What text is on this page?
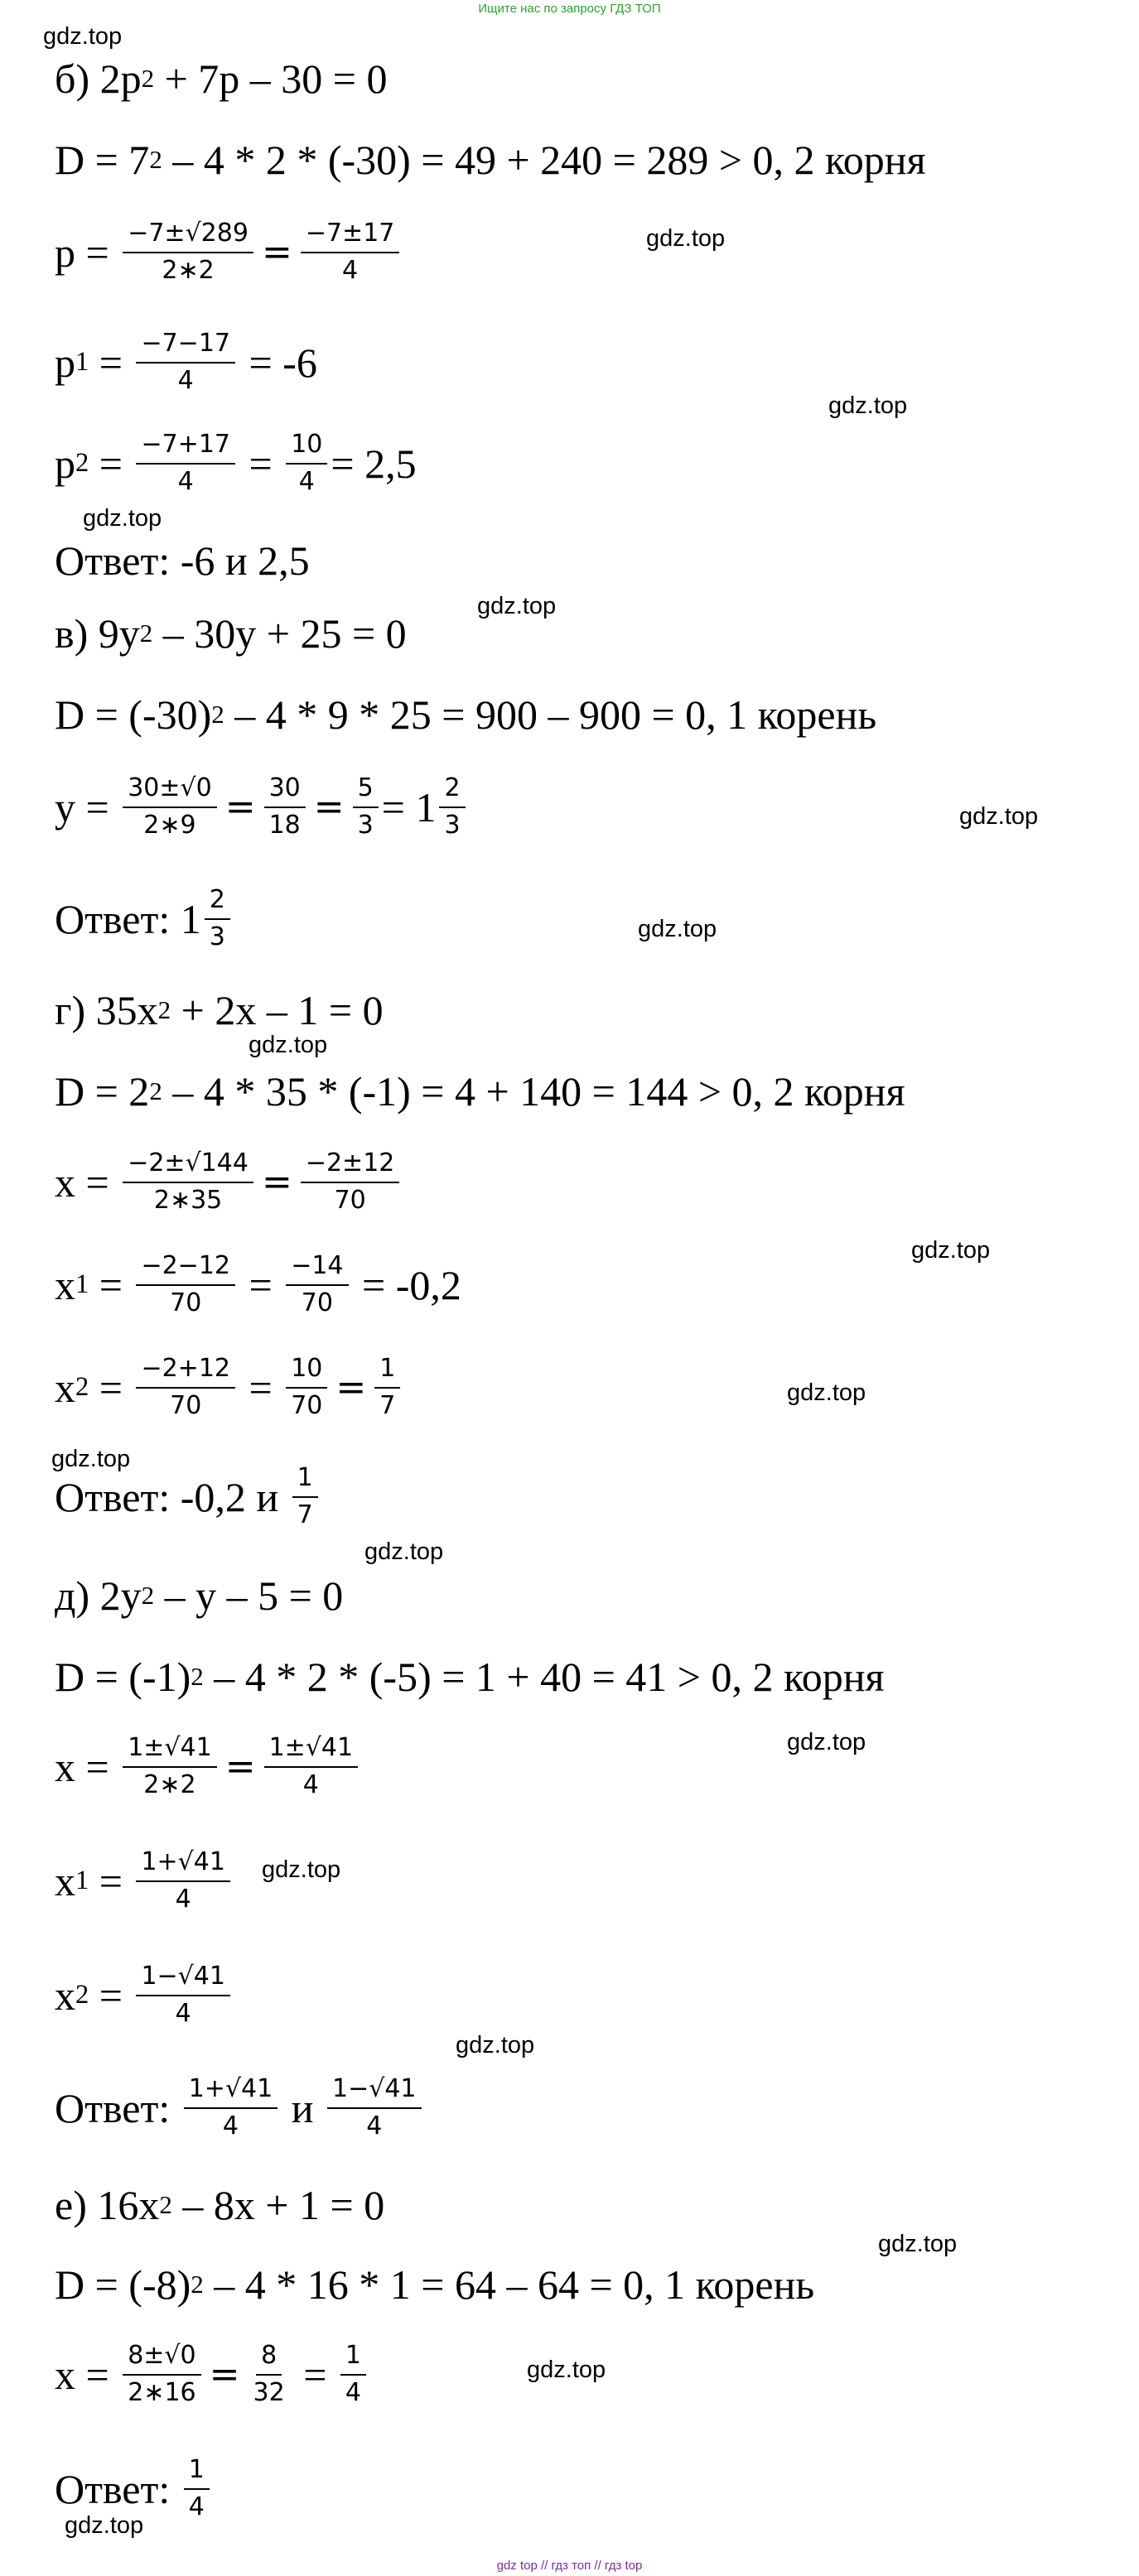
Ищите нас по запросу ГДЗ ТОП
б) 2p 2 + 7p – 30 = 0
D = 7 2 – 4 * 2 * (-30) = 49 + 240 = 289 > 0, 2 корня
$p = \frac{-7\pm√289}{2∗2} = \frac{-7\pm 17}{4}$
p $1 = \frac{-7-17}{4} = -6$
p $2 = \frac{-7+17}{4} = \frac{10}{4} = 2,5$
Ответ: -6 и 2,5
в) 9y 2 – 30y + 25 = 0
D = (-30) 2 – 4 * 9 * 25 = 900 – 900 = 0, 1 корень
$y = \frac{30\pm√0}{2∗9} = \frac{30}{18} = \frac{5}{3} = 1 \frac{2}{3}$
Ответ: $1 \frac{2}{3}$
г) 35x 2 + 2x – 1 = 0
D = 2 2 – 4 * 35 * (-1) = 4 + 140 = 144 > 0, 2 корня
$x = \frac{-2\pm√144}{2∗35} = \frac{-2\pm 12}{70}$
x $1 = \frac{-2-12}{70} = \frac{-14}{70} = -0,2$
x $2 = \frac{-2+12}{70} = \frac{10}{70} = \frac{1}{7}$
Ответ: -0,2 и $\frac{1}{7}$
д) 2y 2 – y – 5 = 0
D = (-1) 2 – 4 * 2 * (-5) = 1 + 40 = 41 > 0, 2 корня
$x = \frac{1\pm√41}{2∗2} = \frac{1\pm√41}{4}$
x $1 = \frac{1+√41}{4}$
x $2 = \frac{1-√41}{4}$
Ответ: $\frac{1+√41}{4}$ и $\frac{1-√41}{4}$
е) 16x 2 – 8x + 1 = 0
D = (-8) 2 – 4 * 16 * 1 = 64 – 64 = 0, 1 корень
$x = \frac{8\pm√0}{2∗16} = \frac{8}{32} = \frac{1}{4}$
Ответ: $\frac{1}{4}$
gdz.top
gdz.top
gdz.top
gdz.top
gdz.top
gdz.top
gdz.top
gdz.top
gdz.top
gdz.top
gdz.top
gdz.top
gdz.top
gdz.top
gdz.top
gdz.top
gdz.top
gdz.top
gdz top // гдз топ // гдз top
